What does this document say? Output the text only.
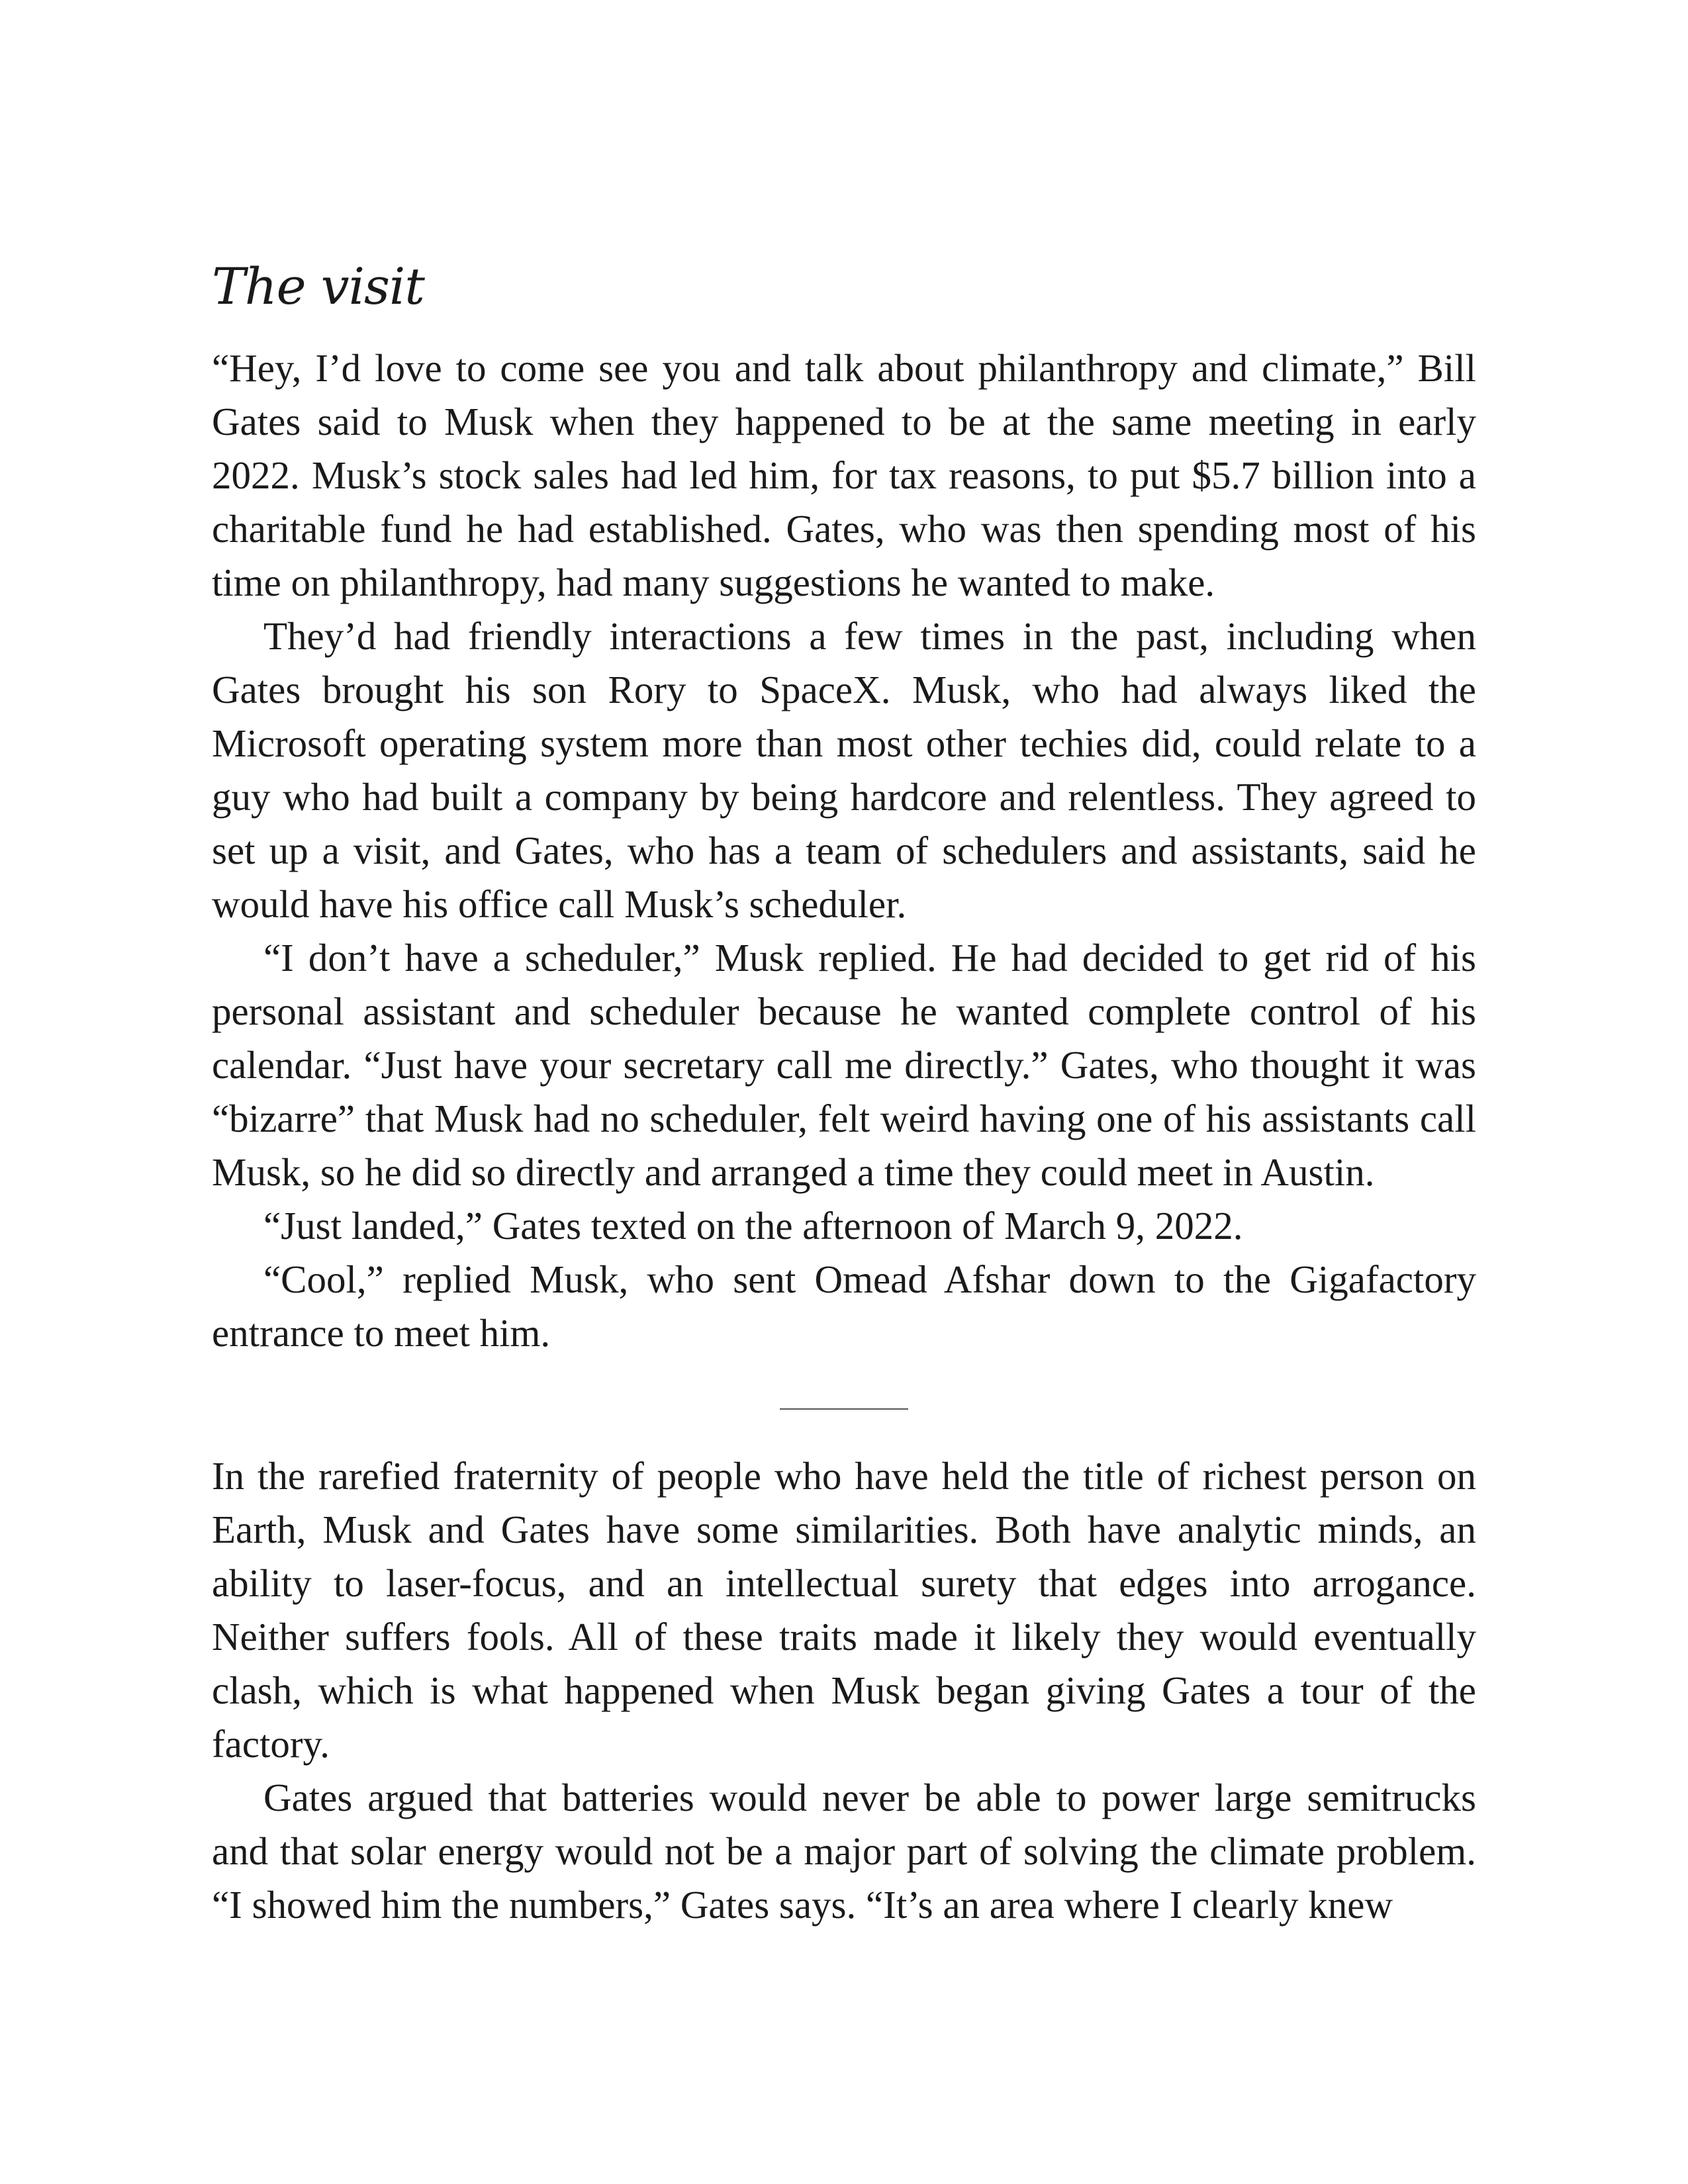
The visit

“Hey, I’d love to come see you and talk about philanthropy and climate,” Bill Gates said to Musk when they happened to be at the same meeting in early 2022. Musk’s stock sales had led him, for tax reasons, to put $5.7 billion into a charitable fund he had established. Gates, who was then spending most of his time on philanthropy, had many suggestions he wanted to make.

They’d had friendly interactions a few times in the past, including when Gates brought his son Rory to SpaceX. Musk, who had always liked the Microsoft operating system more than most other techies did, could relate to a guy who had built a company by being hardcore and relentless. They agreed to set up a visit, and Gates, who has a team of schedulers and assistants, said he would have his office call Musk’s scheduler.

“I don’t have a scheduler,” Musk replied. He had decided to get rid of his personal assistant and scheduler because he wanted complete control of his calendar. “Just have your secretary call me directly.” Gates, who thought it was “bizarre” that Musk had no scheduler, felt weird having one of his assistants call Musk, so he did so directly and arranged a time they could meet in Austin.

“Just landed,” Gates texted on the afternoon of March 9, 2022.

“Cool,” replied Musk, who sent Omead Afshar down to the Gigafactory entrance to meet him.

In the rarefied fraternity of people who have held the title of richest person on Earth, Musk and Gates have some similarities. Both have analytic minds, an ability to laser-focus, and an intellectual surety that edges into arrogance. Neither suffers fools. All of these traits made it likely they would eventually clash, which is what happened when Musk began giving Gates a tour of the factory.

Gates argued that batteries would never be able to power large semitrucks and that solar energy would not be a major part of solving the climate problem. “I showed him the numbers,” Gates says. “It’s an area where I clearly knew
